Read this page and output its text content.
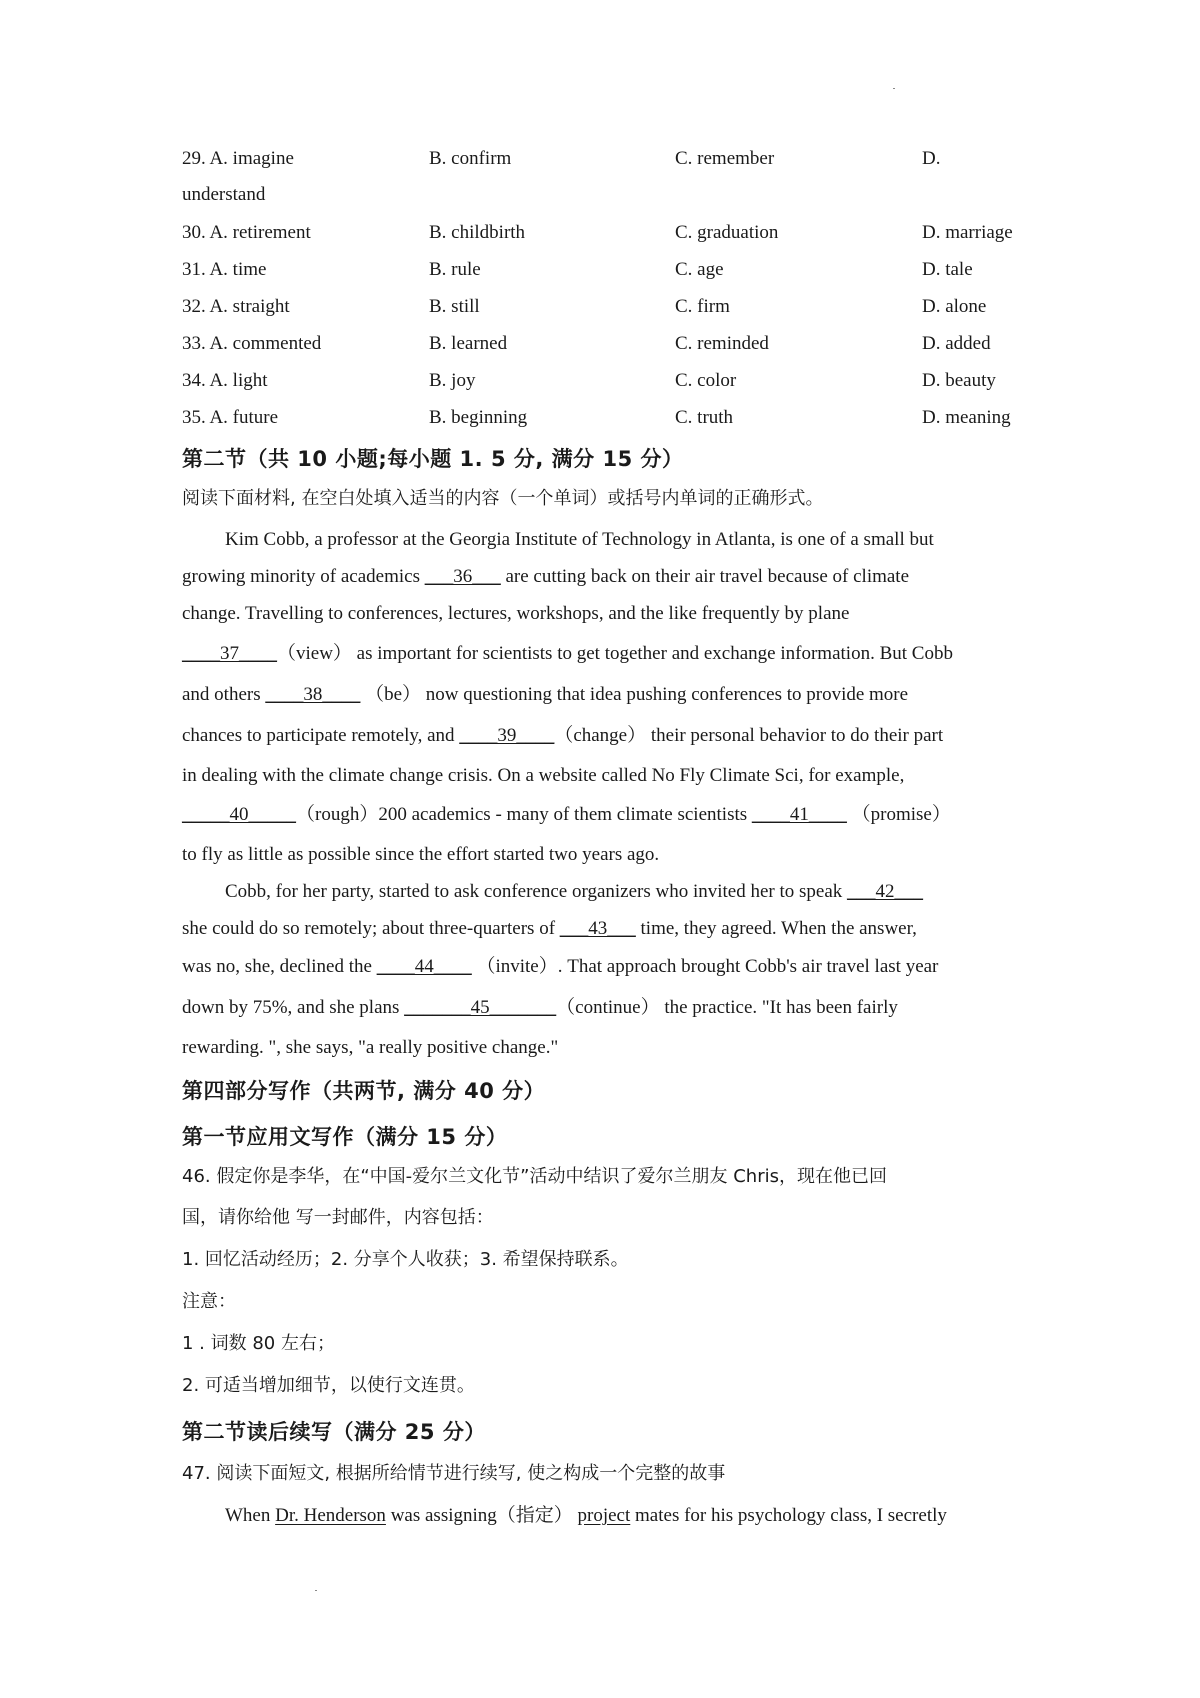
29. A. imagine	B. confirm	C. remember	D.
understand
30. A. retirement	B. childbirth	C. graduation	D. marriage
31. A. time	B. rule	C. age	D. tale
32. A. straight	B. still	C. firm	D. alone
33. A. commented	B. learned	C. reminded	D. added
34. A. light	B. joy	C. color	D. beauty
35. A. future	B. beginning	C. truth	D. meaning
第二节（共 10 小题;每小题 1. 5 分, 满分 15 分）
阅读下面材料, 在空白处填入适当的内容（一个单词）或括号内单词的正确形式。
Kim Cobb, a professor at the Georgia Institute of Technology in Atlanta, is one of a small but
growing minority of academics ___36___ are cutting back on their air travel because of climate
change. Travelling to conferences, lectures, workshops, and the like frequently by plane
____37____（view） as important for scientists to get together and exchange information. But Cobb
and others ____38____ （be） now questioning that idea pushing conferences to provide more
chances to participate remotely, and ____39____（change） their personal behavior to do their part
in dealing with the climate change crisis. On a website called No Fly Climate Sci, for example,
_____40_____（rough）200 academics - many of them climate scientists ____41____ （promise）
to fly as little as possible since the effort started two years ago.
Cobb, for her party, started to ask conference organizers who invited her to speak ___42___
she could do so remotely; about three-quarters of ___43___ time, they agreed. When the answer,
was no, she, declined the ____44____ （invite）. That approach brought Cobb's air travel last year
down by 75%, and she plans _______45_______（continue） the practice. "It has been fairly
rewarding. ", she says, "a really positive change."
第四部分写作（共两节, 满分 40 分）
第一节应用文写作（满分 15 分）
46. 假定你是李华，在“中国-爱尔兰文化节”活动中结识了爱尔兰朋友 Chris，现在他已回
国，请你给他 写一封邮件，内容包括：
1. 回忆活动经历；2. 分享个人收获；3. 希望保持联系。
注意：
1 . 词数 80 左右；
2. 可适当增加细节，以使行文连贯。
第二节读后续写（满分 25 分）
47. 阅读下面短文, 根据所给情节进行续写, 使之构成一个完整的故事
When Dr. Henderson was assigning（指定） project mates for his psychology class, I secretly
